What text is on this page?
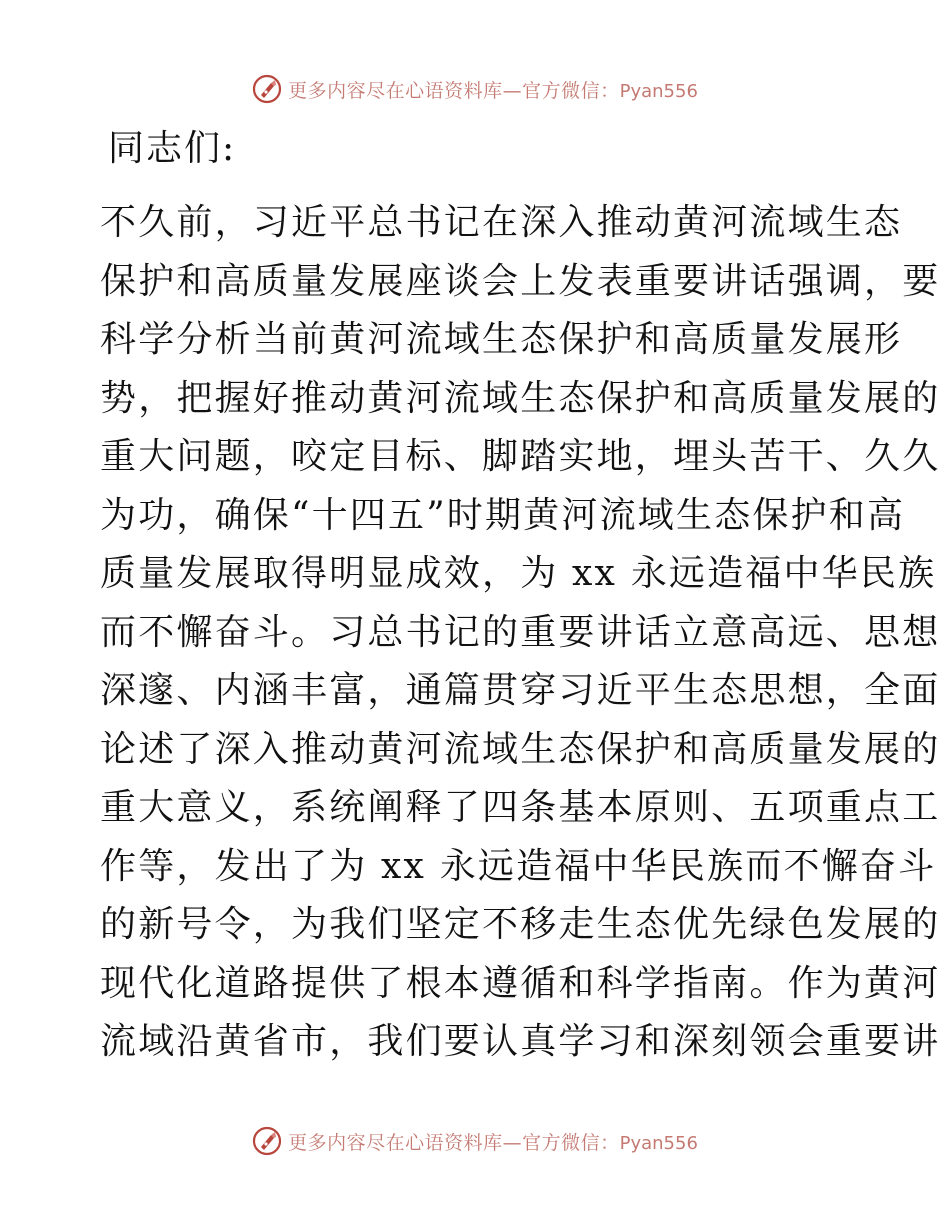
更多内容尽在心语资料库—官方微信：Pyan556
同志们:
不久前，习近平总书记在深入推动黄河流域生态
保护和高质量发展座谈会上发表重要讲话强调，要
科学分析当前黄河流域生态保护和高质量发展形
势，把握好推动黄河流域生态保护和高质量发展的
重大问题，咬定目标、脚踏实地，埋头苦干、久久
为功，确保“十四五”时期黄河流域生态保护和高
质量发展取得明显成效，为 xx 永远造福中华民族
而不懈奋斗。习总书记的重要讲话立意高远、思想
深邃、内涵丰富，通篇贯穿习近平生态思想，全面
论述了深入推动黄河流域生态保护和高质量发展的
重大意义，系统阐释了四条基本原则、五项重点工
作等，发出了为 xx 永远造福中华民族而不懈奋斗
的新号令，为我们坚定不移走生态优先绿色发展的
现代化道路提供了根本遵循和科学指南。作为黄河
流域沿黄省市，我们要认真学习和深刻领会重要讲
更多内容尽在心语资料库—官方微信：Pyan556
